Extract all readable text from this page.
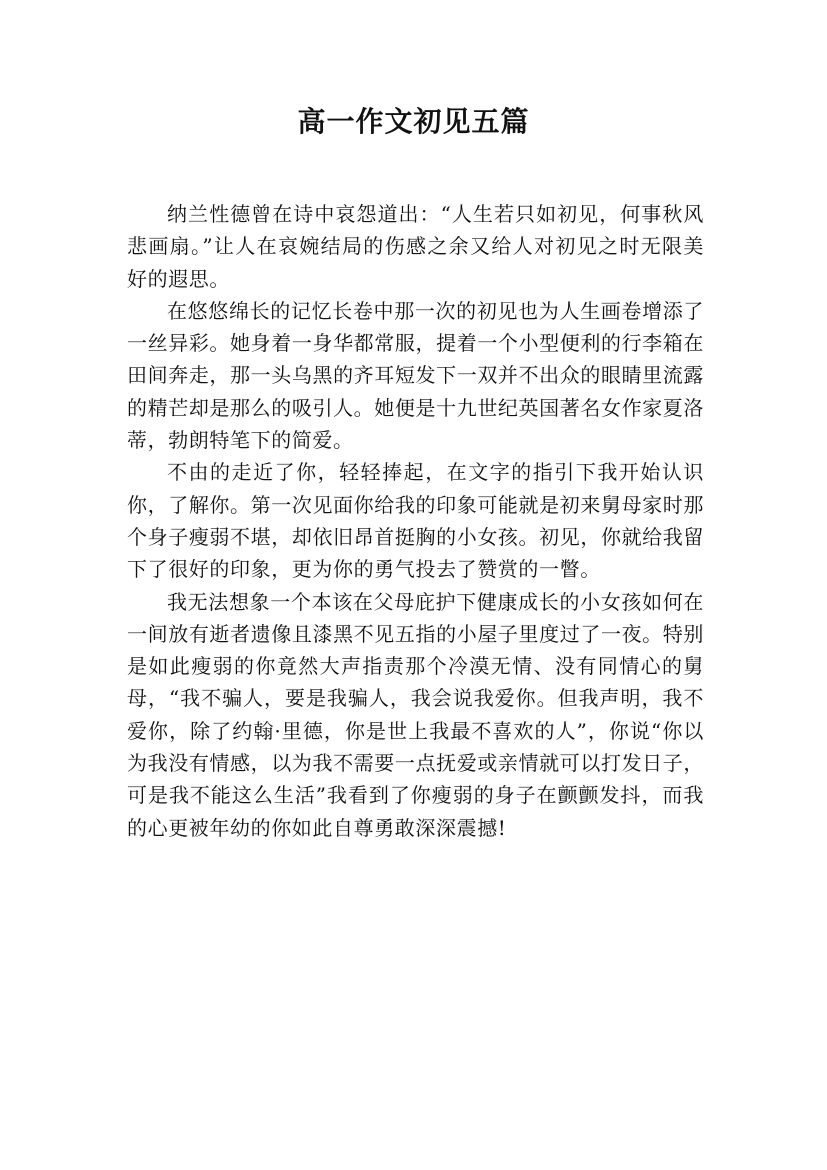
高一作文初见五篇

纳兰性德曾在诗中哀怨道出：“人生若只如初见，何事秋风悲画扇。”让人在哀婉结局的伤感之余又给人对初见之时无限美好的遐思。

在悠悠绵长的记忆长卷中那一次的初见也为人生画卷增添了一丝异彩。她身着一身华都常服，提着一个小型便利的行李箱在田间奔走，那一头乌黑的齐耳短发下一双并不出众的眼睛里流露的精芒却是那么的吸引人。她便是十九世纪英国著名女作家夏洛蒂，勃朗特笔下的简爱。

不由的走近了你，轻轻捧起，在文字的指引下我开始认识你，了解你。第一次见面你给我的印象可能就是初来舅母家时那个身子瘦弱不堪，却依旧昂首挺胸的小女孩。初见，你就给我留下了很好的印象，更为你的勇气投去了赞赏的一瞥。

我无法想象一个本该在父母庇护下健康成长的小女孩如何在一间放有逝者遗像且漆黑不见五指的小屋子里度过了一夜。特别是如此瘦弱的你竟然大声指责那个冷漠无情、没有同情心的舅母，“我不骗人，要是我骗人，我会说我爱你。但我声明，我不爱你，除了约翰·里德，你是世上我最不喜欢的人”，你说“你以为我没有情感，以为我不需要一点抚爱或亲情就可以打发日子，可是我不能这么生活”我看到了你瘦弱的身子在颤颤发抖，而我的心更被年幼的你如此自尊勇敢深深震撼!
